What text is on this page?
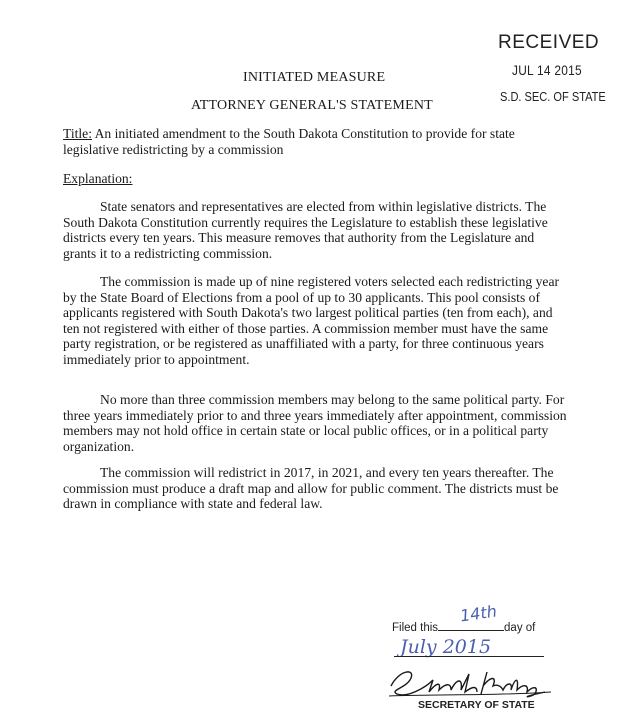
RECEIVED
JUL 14 2015
S.D. SEC. OF STATE
INITIATED MEASURE
ATTORNEY GENERAL'S STATEMENT
Title: An initiated amendment to the South Dakota Constitution to provide for state legislative redistricting by a commission
Explanation:

State senators and representatives are elected from within legislative districts. The South Dakota Constitution currently requires the Legislature to establish these legislative districts every ten years. This measure removes that authority from the Legislature and grants it to a redistricting commission.

The commission is made up of nine registered voters selected each redistricting year by the State Board of Elections from a pool of up to 30 applicants. This pool consists of applicants registered with South Dakota's two largest political parties (ten from each), and ten not registered with either of those parties. A commission member must have the same party registration, or be registered as unaffiliated with a party, for three continuous years immediately prior to appointment.

No more than three commission members may belong to the same political party. For three years immediately prior to and three years immediately after appointment, commission members may not hold office in certain state or local public offices, or in a political party organization.

The commission will redistrict in 2017, in 2021, and every ten years thereafter. The commission must produce a draft map and allow for public comment. The districts must be drawn in compliance with state and federal law.

Filed this	day of
14th
July 2015
SECRETARY OF STATE
